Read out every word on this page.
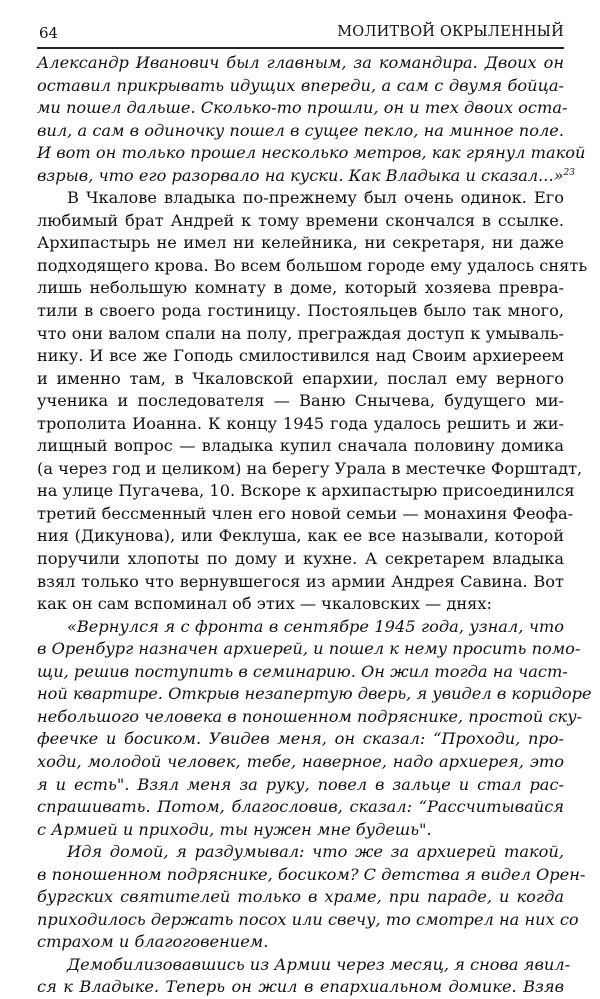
64	МОЛИТВОЙ ОКРЫЛЕННЫЙ
Александр Иванович был главным, за командира. Двоих он
оставил прикрывать идущих впереди, а сам с двумя бойца-
ми пошел дальше. Сколько-то прошли, он и тех двоих оста-
вил, а сам в одиночку пошел в сущее пекло, на минное поле.
И вот он только прошел несколько метров, как грянул такой
взрыв, что его разорвало на куски. Как Владыка и сказал...»$^{23}$
В Чкалове владыка по-прежнему был очень одинок. Его
любимый брат Андрей к тому времени скончался в ссылке.
Архипастырь не имел ни келейника, ни секретаря, ни даже
подходящего крова. Во всем большом городе ему удалось снять
лишь небольшую комнату в доме, который хозяева превра-
тили в своего рода гостиницу. Постояльцев было так много,
что они валом спали на полу, преграждая доступ к умываль-
нику. И все же Гоподь смилостивился над Своим архиереем
и именно там, в Чкаловской епархии, послал ему верного
ученика и последователя — Ваню Снычева, будущего ми-
трополита Иоанна. К концу 1945 года удалось решить и жи-
лищный вопрос — владыка купил сначала половину домика
(а через год и целиком) на берегу Урала в местечке Форштадт,
на улице Пугачева, 10. Вскоре к архипастырю присоединился
третий бессменный член его новой семьи — монахиня Феофа-
ния (Дикунова), или Феклуша, как ее все называли, которой
поручили хлопоты по дому и кухне. А секретарем владыка
взял только что вернувшегося из армии Андрея Савина. Вот
как он сам вспоминал об этих — чкаловских — днях:
«Вернулся я с фронта в сентябре 1945 года, узнал, что
в Оренбург назначен архиерей, и пошел к нему просить помо-
щи, решив поступить в семинарию. Он жил тогда на част-
ной квартире. Открыв незапертую дверь, я увидел в коридоре
небольшого человека в поношенном подряснике, простой ску-
феечке и босиком. Увидев меня, он сказал: “Проходи, про-
ходи, молодой человек, тебе, наверное, надо архиерея, это
я и есть". Взял меня за руку, повел в зальце и стал рас-
спрашивать. Потом, благословив, сказал: “Рассчитывайся
с Армией и приходи, ты нужен мне будешь".
Идя домой, я раздумывал: что же за архиерей такой,
в поношенном подряснике, босиком? С детства я видел Орен-
бургских святителей только в храме, при параде, и когда
приходилось держать посох или свечу, то смотрел на них со
страхом и благоговением.
Демобилизовавшись из Армии через месяц, я снова явил-
ся к Владыке. Теперь он жил в епархиальном домике. Взяв
